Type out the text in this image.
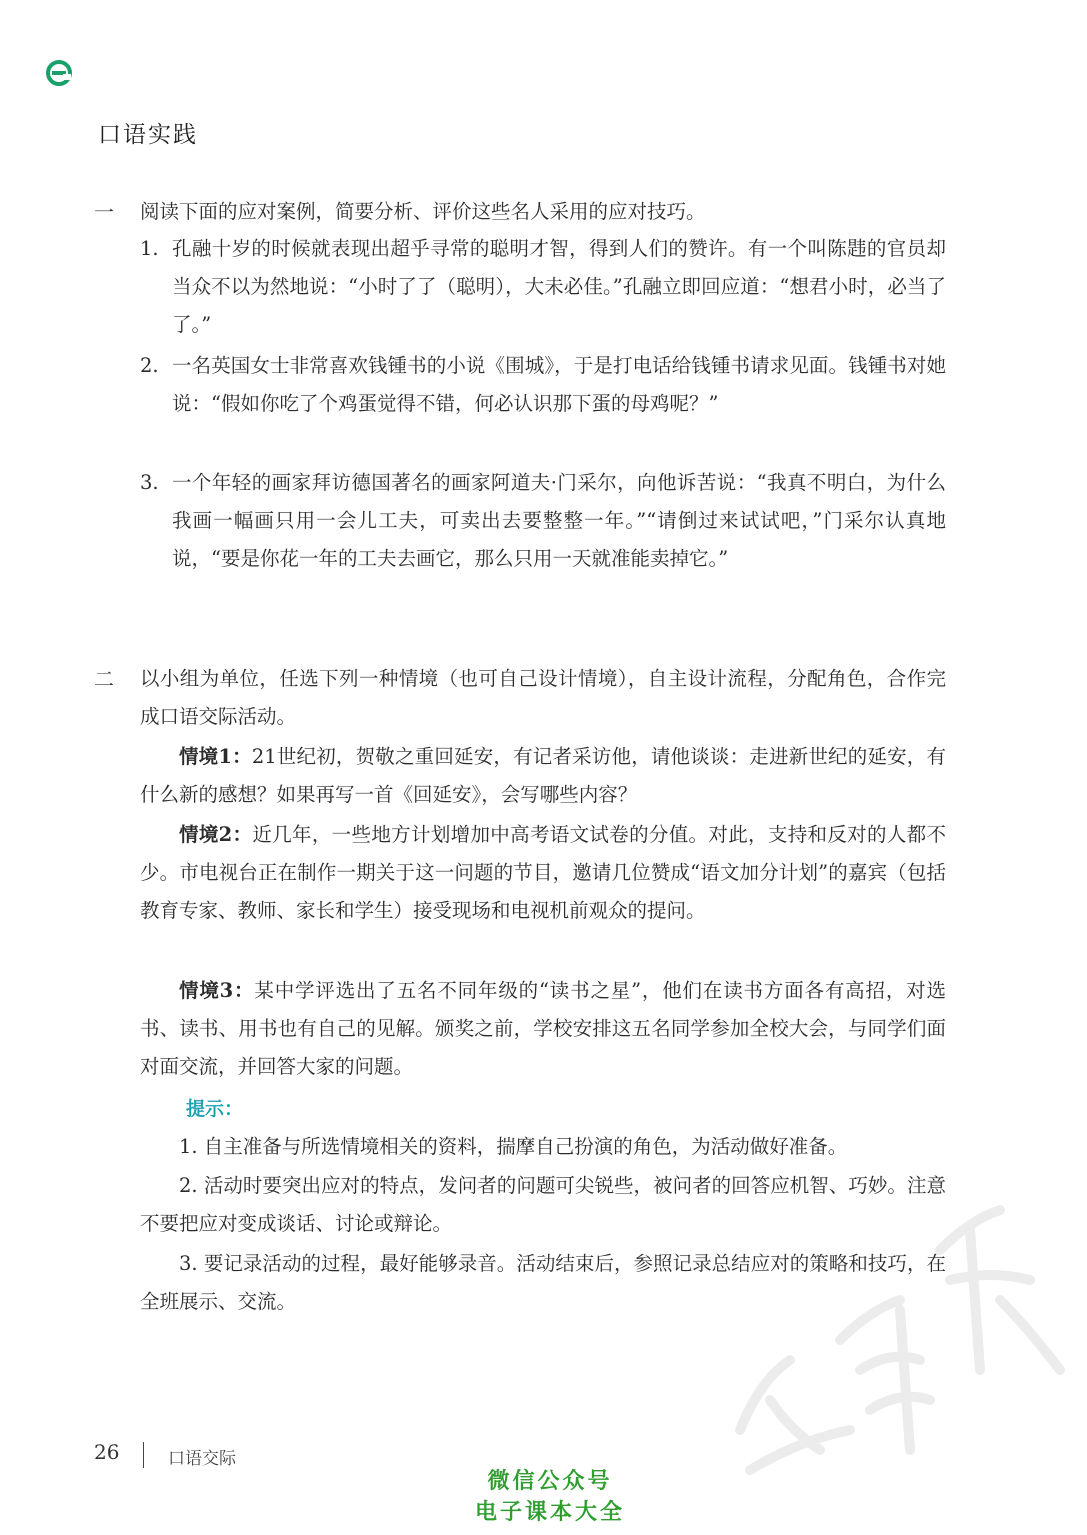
口语实践
一 阅读下面的应对案例，简要分析、评价这些名人采用的应对技巧。

1. 孔融十岁的时候就表现出超乎寻常的聪明才智，得到人们的赞许。有一个叫陈韪的官员却当众不以为然地说：“小时了了（聪明），大未必佳。”孔融立即回应道：“想君小时，必当了了。”
2. 一名英国女士非常喜欢钱锺书的小说《围城》，于是打电话给钱锺书请求见面。钱锺书对她说：“假如你吃了个鸡蛋觉得不错，何必认识那下蛋的母鸡呢？”
3. 一个年轻的画家拜访德国著名的画家阿道夫·门采尔，向他诉苦说：“我真不明白，为什么我画一幅画只用一会儿工夫，可卖出去要整整一年。”“请倒过来试试吧，”门采尔认真地说，“要是你花一年的工夫去画它，那么只用一天就准能卖掉它。”
二 以小组为单位，任选下列一种情境（也可自己设计情境），自主设计流程，分配角色，合作完成口语交际活动。

情境1：21世纪初，贺敬之重回延安，有记者采访他，请他谈谈：走进新世纪的延安，有什么新的感想？如果再写一首《回延安》，会写哪些内容？

情境2：近几年，一些地方计划增加中高考语文试卷的分值。对此，支持和反对的人都不少。市电视台正在制作一期关于这一问题的节目，邀请几位赞成“语文加分计划”的嘉宾（包括教育专家、教师、家长和学生）接受现场和电视机前观众的提问。

情境3：某中学评选出了五名不同年级的“读书之星”，他们在读书方面各有高招，对选书、读书、用书也有自己的见解。颁奖之前，学校安排这五名同学参加全校大会，与同学们面对面交流，并回答大家的问题。

提示：

1. 自主准备与所选情境相关的资料，揣摩自己扮演的角色，为活动做好准备。

2. 活动时要突出应对的特点，发问者的问题可尖锐些，被问者的回答应机智、巧妙。注意不要把应对变成谈话、讨论或辩论。

3. 要记录活动的过程，最好能够录音。活动结束后，参照记录总结应对的策略和技巧，在全班展示、交流。

26	口语交际
微信公众号
电子课本大全
